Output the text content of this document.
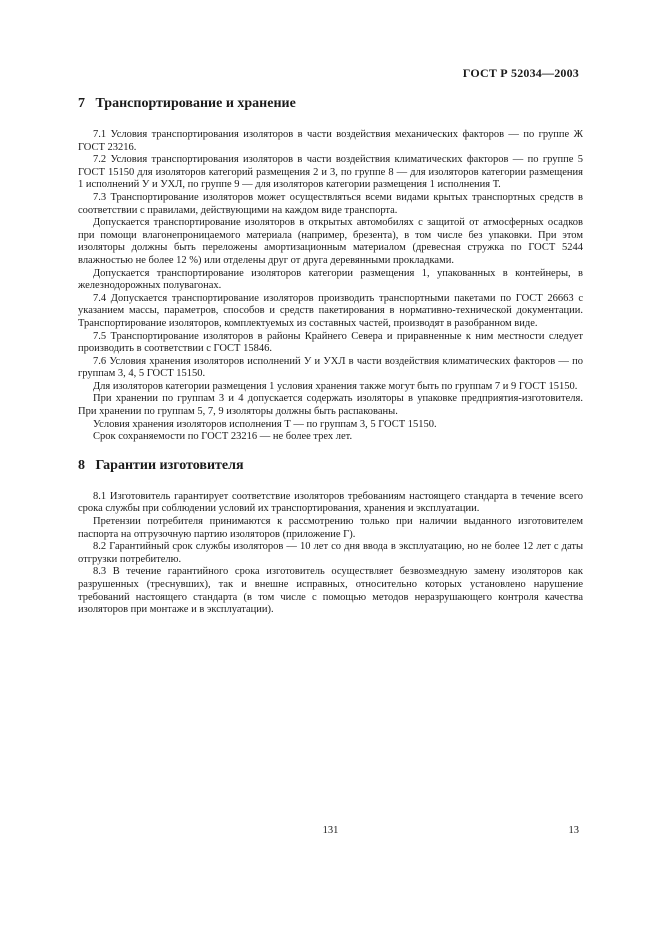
ГОСТ Р 52034—2003
7 Транспортирование и хранение

7.1 Условия транспортирования изоляторов в части воздействия механических факторов — по группе Ж ГОСТ 23216.

7.2 Условия транспортирования изоляторов в части воздействия климатических факторов — по группе 5 ГОСТ 15150 для изоляторов категорий размещения 2 и 3, по группе 8 — для изоляторов категории размещения 1 исполнений У и УХЛ, по группе 9 — для изоляторов категории размещения 1 исполнения Т.

7.3 Транспортирование изоляторов может осуществляться всеми видами крытых транспортных средств в соответствии с правилами, действующими на каждом виде транспорта.

Допускается транспортирование изоляторов в открытых автомобилях с защитой от атмосферных осадков при помощи влагонепроницаемого материала (например, брезента), в том числе без упаковки. При этом изоляторы должны быть переложены амортизационным материалом (древесная стружка по ГОСТ 5244 влажностью не более 12 %) или отделены друг от друга деревянными прокладками.

Допускается транспортирование изоляторов категории размещения 1, упакованных в контейнеры, в железнодорожных полувагонах.

7.4 Допускается транспортирование изоляторов производить транспортными пакетами по ГОСТ 26663 с указанием массы, параметров, способов и средств пакетирования в нормативно-технической документации. Транспортирование изоляторов, комплектуемых из составных частей, производят в разобранном виде.

7.5 Транспортирование изоляторов в районы Крайнего Севера и приравненные к ним местности следует производить в соответствии с ГОСТ 15846.

7.6 Условия хранения изоляторов исполнений У и УХЛ в части воздействия климатических факторов — по группам 3, 4, 5 ГОСТ 15150.

Для изоляторов категории размещения 1 условия хранения также могут быть по группам 7 и 9 ГОСТ 15150.

При хранении по группам 3 и 4 допускается содержать изоляторы в упаковке предприятия-изготовителя. При хранении по группам 5, 7, 9 изоляторы должны быть распакованы.

Условия хранения изоляторов исполнения Т — по группам 3, 5 ГОСТ 15150.

Срок сохраняемости по ГОСТ 23216 — не более трех лет.

8 Гарантии изготовителя

8.1 Изготовитель гарантирует соответствие изоляторов требованиям настоящего стандарта в течение всего срока службы при соблюдении условий их транспортирования, хранения и эксплуатации.

Претензии потребителя принимаются к рассмотрению только при наличии выданного изготовителем паспорта на отгрузочную партию изоляторов (приложение Г).

8.2 Гарантийный срок службы изоляторов — 10 лет со дня ввода в эксплуатацию, но не более 12 лет с даты отгрузки потребителю.

8.3 В течение гарантийного срока изготовитель осуществляет безвозмездную замену изоляторов как разрушенных (треснувших), так и внешне исправных, относительно которых установлено нарушение требований настоящего стандарта (в том числе с помощью методов неразрушающего контроля качества изоляторов при монтаже и в эксплуатации).

131	13
